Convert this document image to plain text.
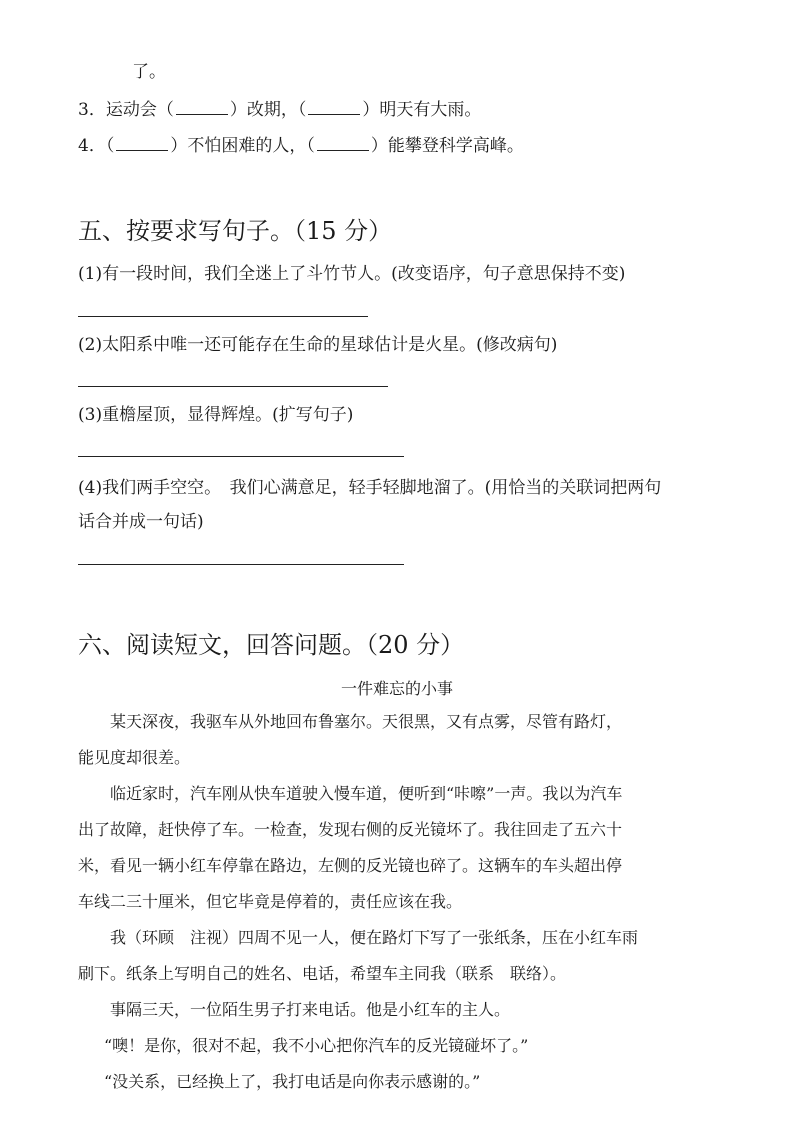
了。
3．运动会（	）改期，（	）明天有大雨。
4．（	）不怕困难的人，（	）能攀登科学高峰。
五、按要求写句子。（15 分）
(1)有一段时间，我们全迷上了斗竹节人。(改变语序，句子意思保持不变)
(2)太阳系中唯一还可能存在生命的星球估计是火星。(修改病句)
(3)重檐屋顶，显得辉煌。(扩写句子)
(4)我们两手空空。　我们心满意足，轻手轻脚地溜了。(用恰当的关联词把两句
话合并成一句话)
六、阅读短文，回答问题。（20 分）
一件难忘的小事
某天深夜，我驱车从外地回布鲁塞尔。天很黑，又有点雾，尽管有路灯，
能见度却很差。
临近家时，汽车刚从快车道驶入慢车道，便听到“咔嚓”一声。我以为汽车
出了故障，赶快停了车。一检查，发现右侧的反光镜坏了。我往回走了五六十
米，看见一辆小红车停靠在路边，左侧的反光镜也碎了。这辆车的车头超出停
车线二三十厘米，但它毕竟是停着的，责任应该在我。
我（环顾　注视）四周不见一人，便在路灯下写了一张纸条，压在小红车雨
刷下。纸条上写明自己的姓名、电话，希望车主同我（联系　联络）。
事隔三天，一位陌生男子打来电话。他是小红车的主人。
“噢！是你，很对不起，我不小心把你汽车的反光镜碰坏了。”
“没关系，已经换上了，我打电话是向你表示感谢的。”
